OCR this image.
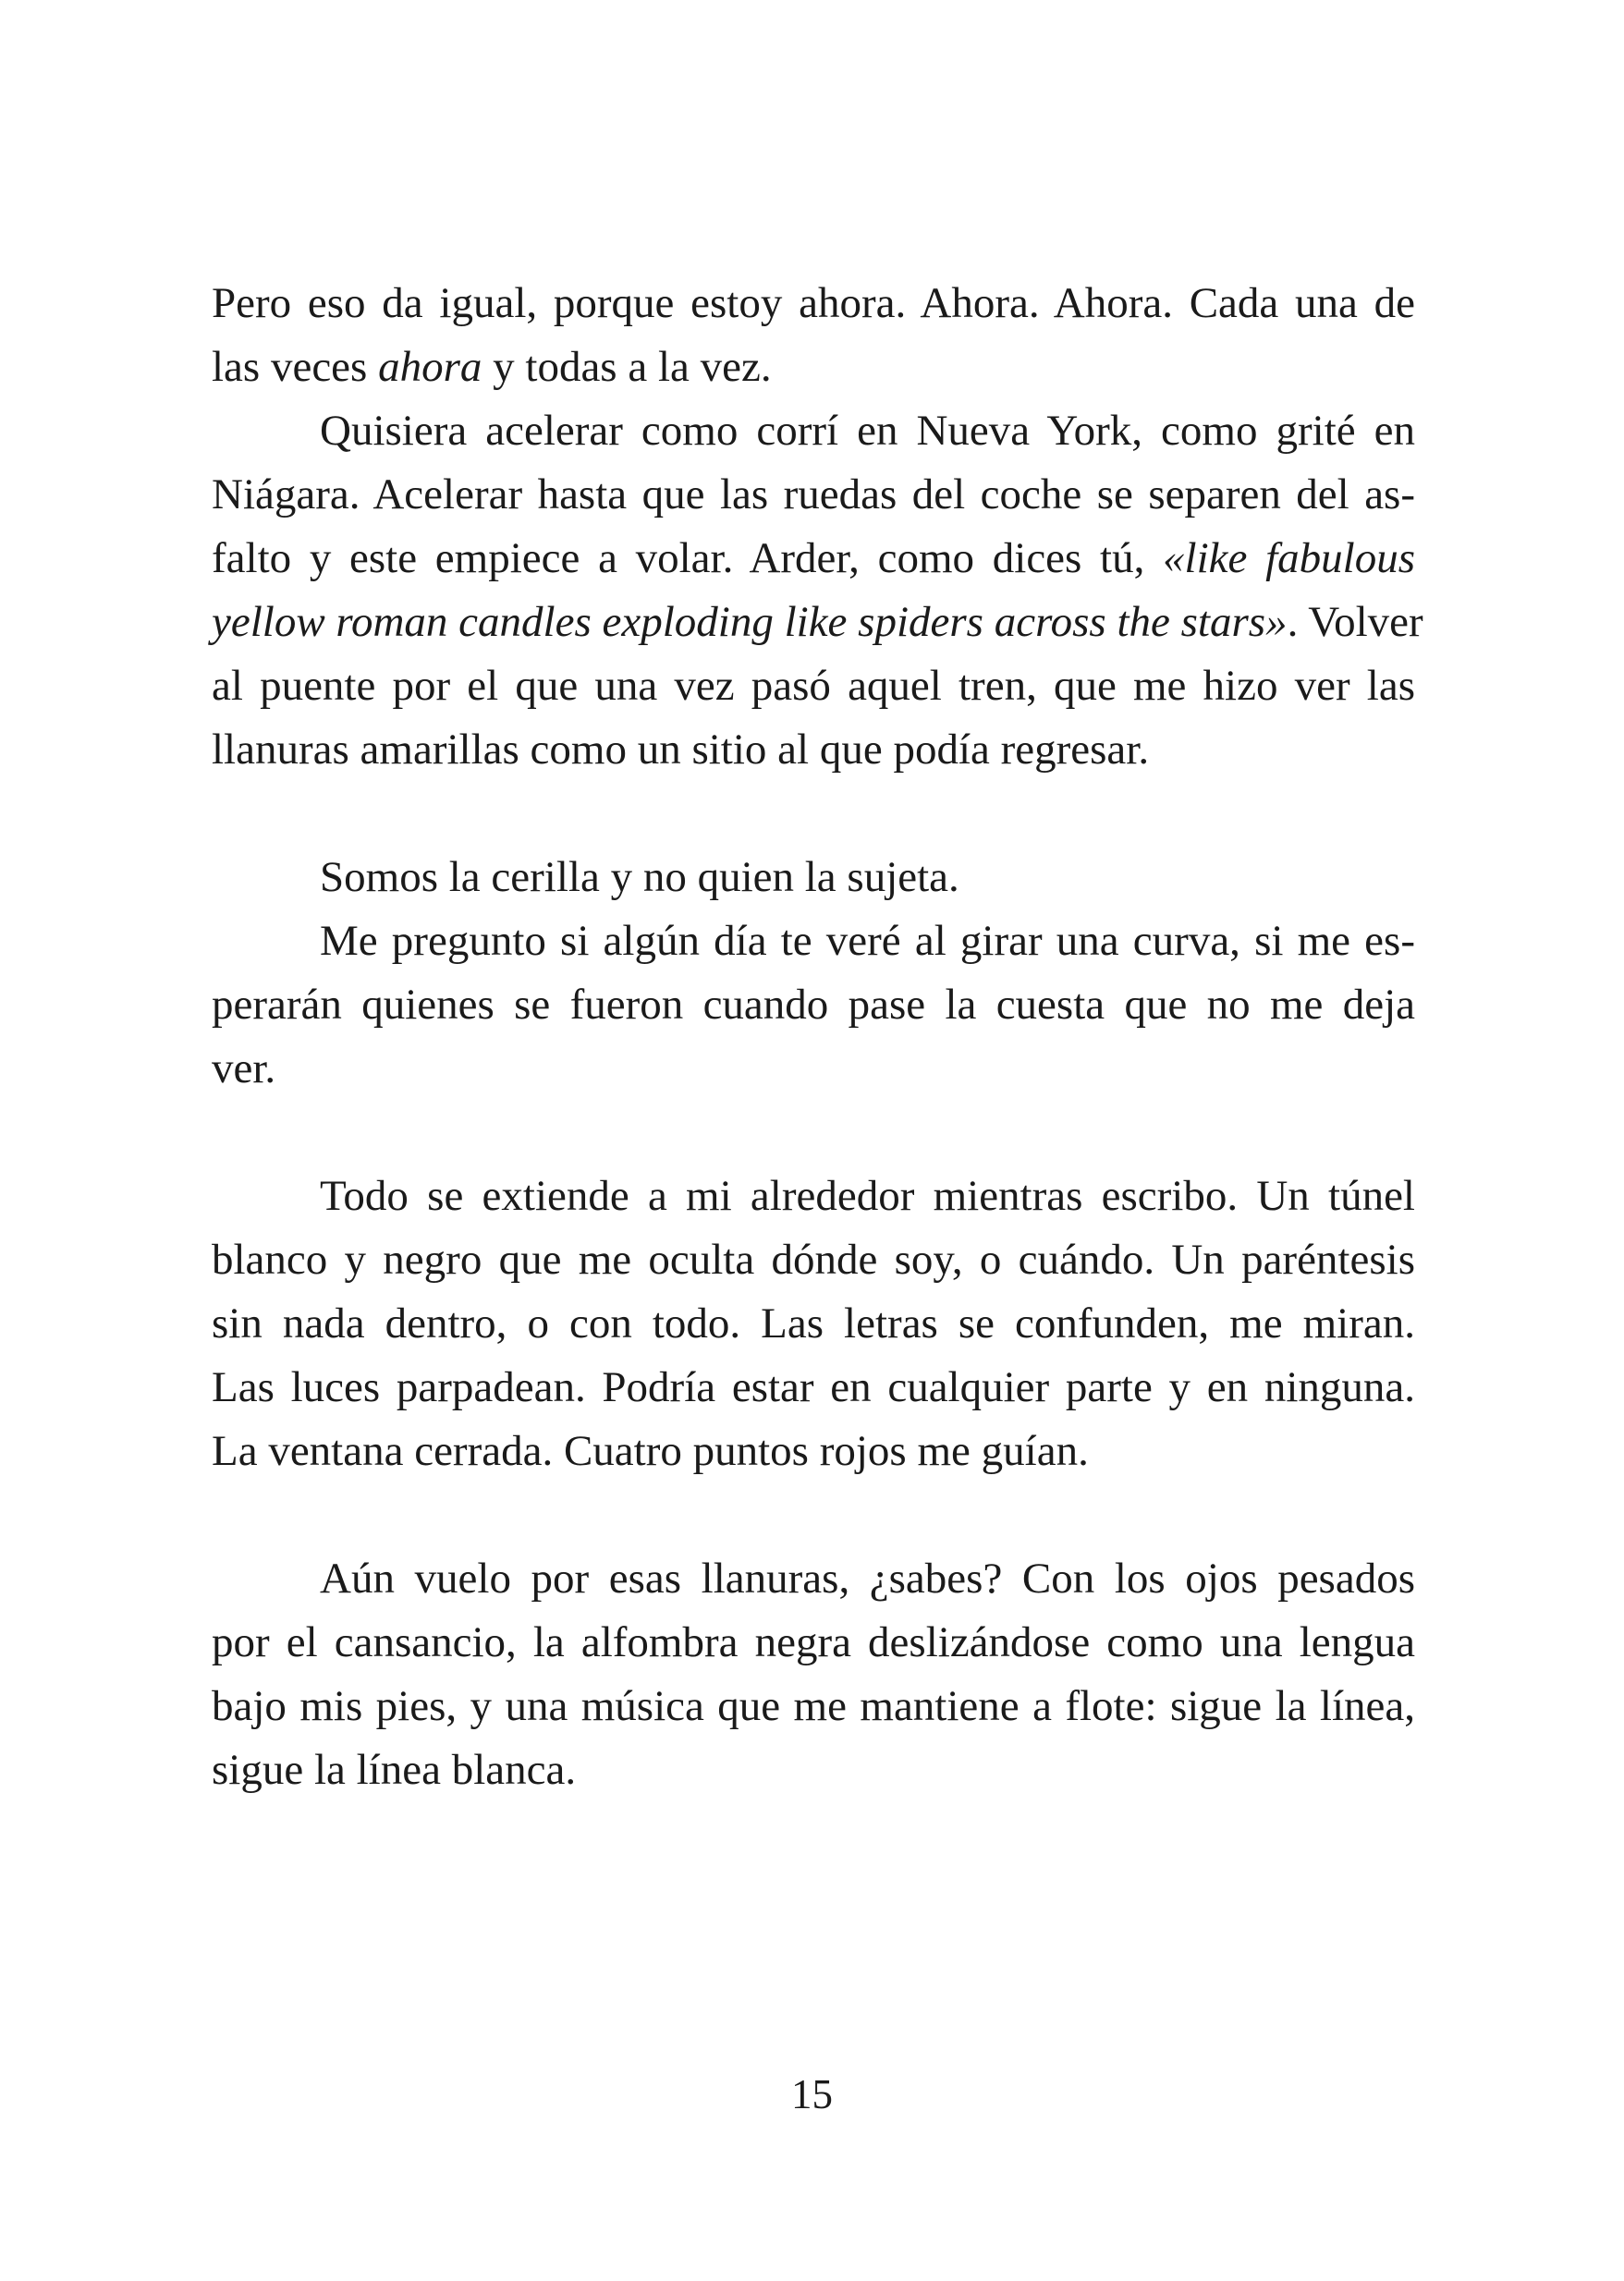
Pero eso da igual, porque estoy ahora. Ahora. Ahora. Cada una de
las veces ahora y todas a la vez.
Quisiera acelerar como corrí en Nueva York, como grité en
Niágara. Acelerar hasta que las ruedas del coche se separen del as-
falto y este empiece a volar. Arder, como dices tú, «like fabulous
yellow roman candles exploding like spiders across the stars». Volver
al puente por el que una vez pasó aquel tren, que me hizo ver las
llanuras amarillas como un sitio al que podía regresar.
Somos la cerilla y no quien la sujeta.
Me pregunto si algún día te veré al girar una curva, si me es-
perarán quienes se fueron cuando pase la cuesta que no me deja
ver.
Todo se extiende a mi alrededor mientras escribo. Un túnel
blanco y negro que me oculta dónde soy, o cuándo. Un paréntesis
sin nada dentro, o con todo. Las letras se confunden, me miran.
Las luces parpadean. Podría estar en cualquier parte y en ninguna.
La ventana cerrada. Cuatro puntos rojos me guían.
Aún vuelo por esas llanuras, ¿sabes? Con los ojos pesados
por el cansancio, la alfombra negra deslizándose como una lengua
bajo mis pies, y una música que me mantiene a flote: sigue la línea,
sigue la línea blanca.
15
